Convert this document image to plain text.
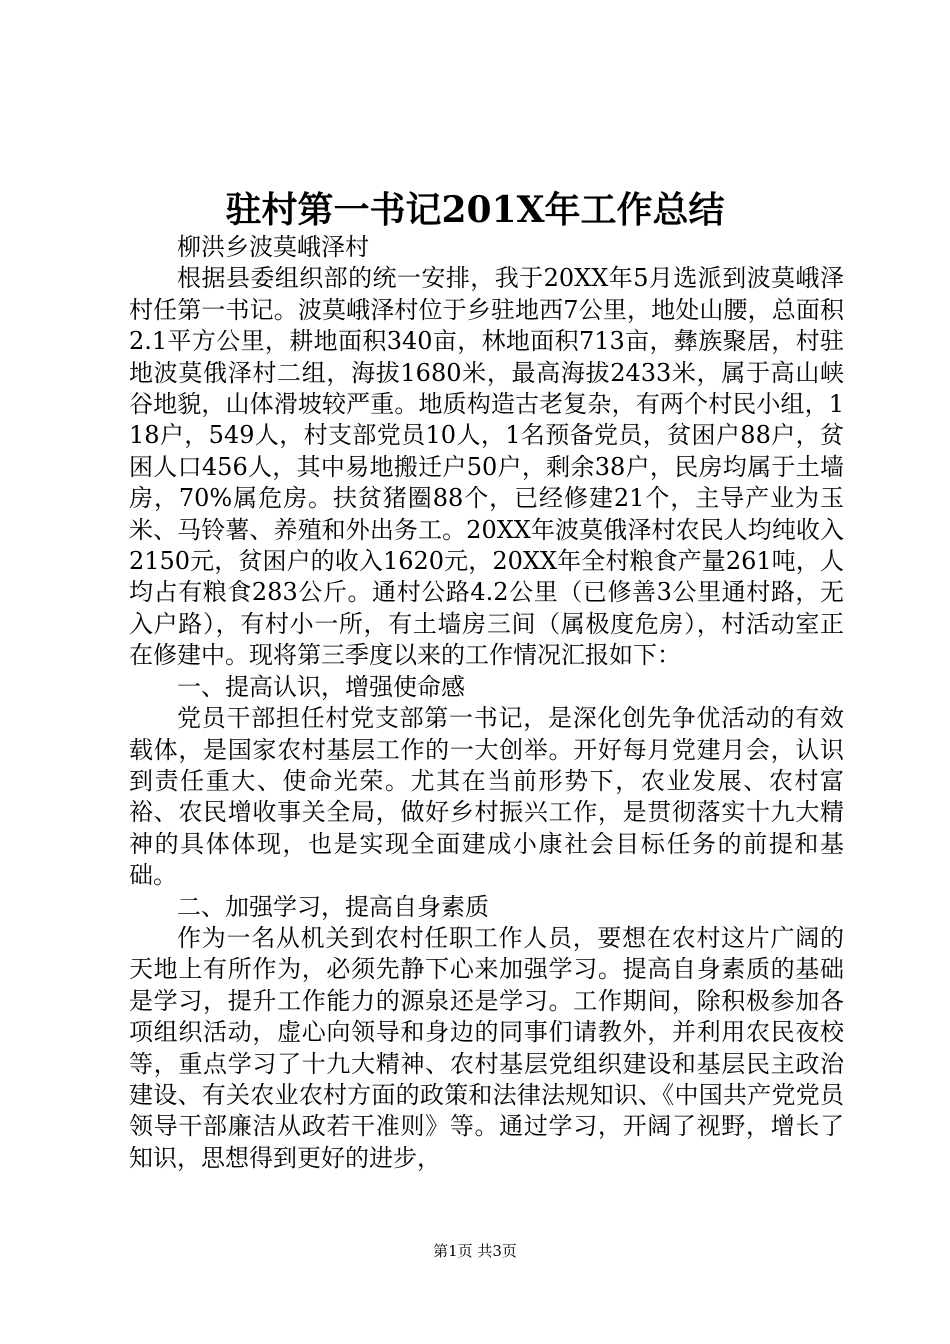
驻村第一书记201X年工作总结

柳洪乡波莫峨泽村

根据县委组织部的统一安排，我于20XX年5月选派到波莫峨泽村任第一书记。波莫峨泽村位于乡驻地西7公里，地处山腰，总面积2.1平方公里，耕地面积340亩，林地面积713亩，彝族聚居，村驻地波莫俄泽村二组，海拔1680米，最高海拔2433米，属于高山峡谷地貌，山体滑坡较严重。地质构造古老复杂，有两个村民小组，118户，549人，村支部党员10人，1名预备党员，贫困户88户，贫困人口456人，其中易地搬迁户50户，剩余38户，民房均属于土墙房，70%属危房。扶贫猪圈88个，已经修建21个，主导产业为玉米、马铃薯、养殖和外出务工。20XX年波莫俄泽村农民人均纯收入2150元，贫困户的收入1620元，20XX年全村粮食产量261吨，人均占有粮食283公斤。通村公路4.2公里（已修善3公里通村路，无入户路），有村小一所，有土墙房三间（属极度危房），村活动室正在修建中。现将第三季度以来的工作情况汇报如下：

一、提高认识，增强使命感

党员干部担任村党支部第一书记，是深化创先争优活动的有效载体，是国家农村基层工作的一大创举。开好每月党建月会，认识到责任重大、使命光荣。尤其在当前形势下，农业发展、农村富裕、农民增收事关全局，做好乡村振兴工作，是贯彻落实十九大精神的具体体现，也是实现全面建成小康社会目标任务的前提和基础。

二、加强学习，提高自身素质

作为一名从机关到农村任职工作人员，要想在农村这片广阔的天地上有所作为，必须先静下心来加强学习。提高自身素质的基础是学习，提升工作能力的源泉还是学习。工作期间，除积极参加各项组织活动，虚心向领导和身边的同事们请教外，并利用农民夜校等，重点学习了十九大精神、农村基层党组织建设和基层民主政治建设、有关农业农村方面的政策和法律法规知识、《中国共产党党员领导干部廉洁从政若干准则》等。通过学习，开阔了视野，增长了知识，思想得到更好的进步，

第1页 共3页
